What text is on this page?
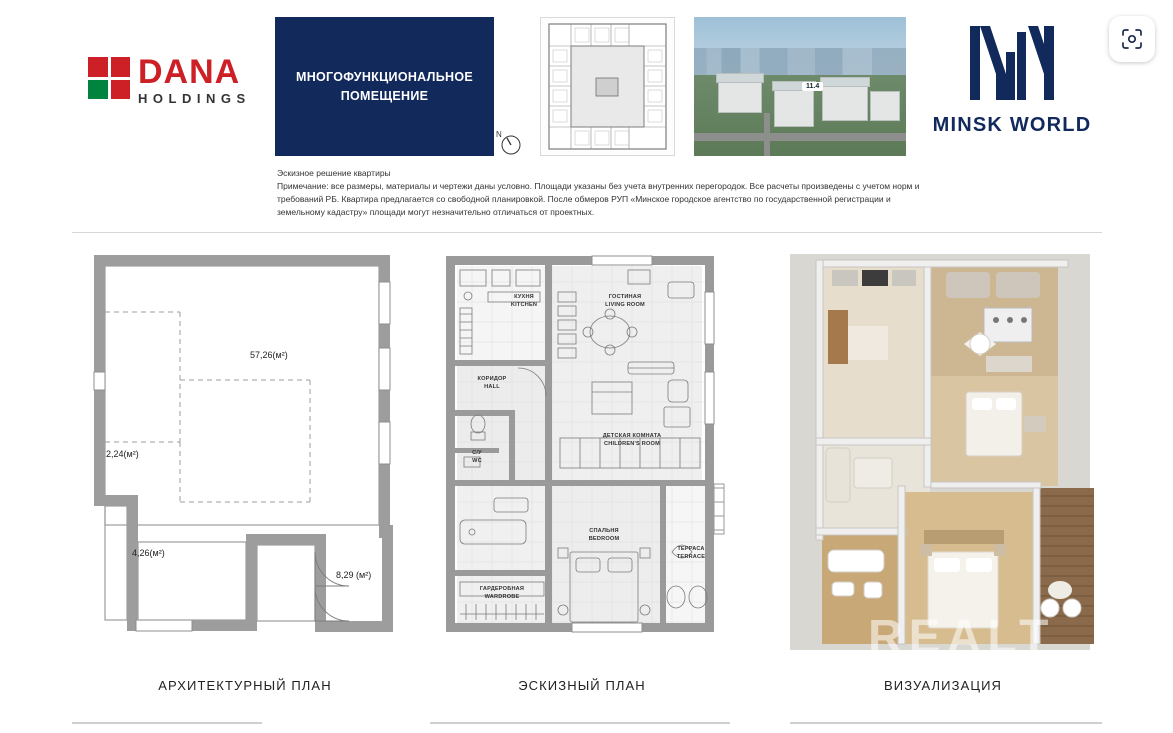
DANA
HOLDINGS
МНОГОФУНКЦИОНАЛЬНОЕ ПОМЕЩЕНИЕ
N
11.4
MINSK WORLD
Эскизное решение квартиры
Примечание: все размеры, материалы и чертежи даны условно. Площади указаны без учета внутренних перегородок. Все расчеты произведены с учетом норм и требований РБ. Квартира предлагается со свободной планировкой. После обмеров РУП «Минское городское агентство по государственной регистрации и земельному кадастру» площади могут незначительно отличаться от проектных.
57,26(м²)
2,24(м²)
4,26(м²)
8,29 (м²)
АРХИТЕКТУРНЫЙ ПЛАН
КУХНЯ
KITCHEN
ГОСТИНАЯ
LIVING ROOM
КОРИДОР
HALL
С/У
WC
ДЕТСКАЯ КОМНАТА
CHILDREN'S ROOM
СПАЛЬНЯ
BEDROOM
ТЕРРАСА
TERRACE
ГАРДЕРОБНАЯ
WARDROBE
ЭСКИЗНЫЙ ПЛАН
REALT
ВИЗУАЛИЗАЦИЯ
